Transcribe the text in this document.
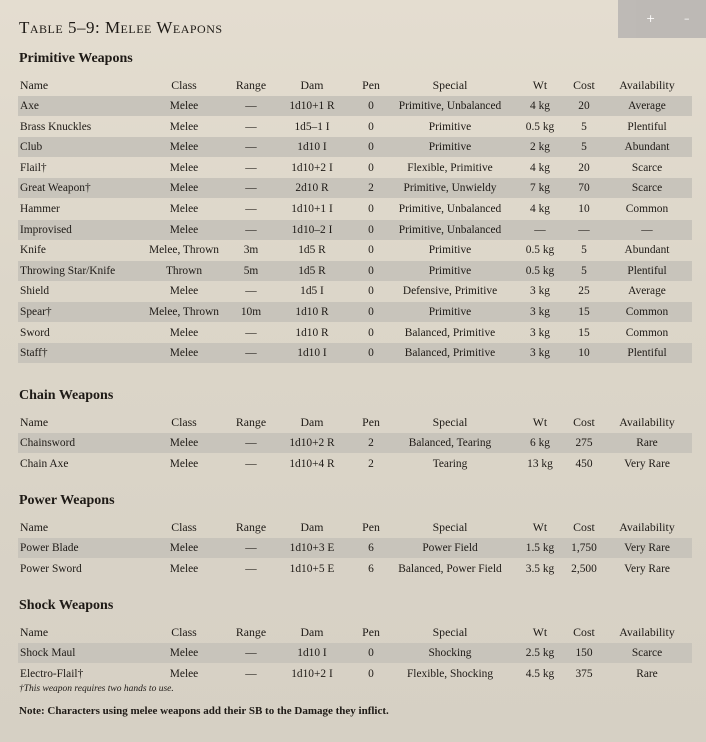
+	–
Table 5–9: Melee Weapons
Primitive Weapons
Name	Class	Range	Dam	Pen	Special	Wt	Cost	Availability
Axe	Melee	—	1d10+1 R	0	Primitive, Unbalanced	4 kg	20	Average
Brass Knuckles	Melee	—	1d5–1 I	0	Primitive	0.5 kg	5	Plentiful
Club	Melee	—	1d10 I	0	Primitive	2 kg	5	Abundant
Flail†	Melee	—	1d10+2 I	0	Flexible, Primitive	4 kg	20	Scarce
Great Weapon†	Melee	—	2d10 R	2	Primitive, Unwieldy	7 kg	70	Scarce
Hammer	Melee	—	1d10+1 I	0	Primitive, Unbalanced	4 kg	10	Common
Improvised	Melee	—	1d10–2 I	0	Primitive, Unbalanced	—	—	—
Knife	Melee, Thrown	3m	1d5 R	0	Primitive	0.5 kg	5	Abundant
Throwing Star/Knife	Thrown	5m	1d5 R	0	Primitive	0.5 kg	5	Plentiful
Shield	Melee	—	1d5 I	0	Defensive, Primitive	3 kg	25	Average
Spear†	Melee, Thrown	10m	1d10 R	0	Primitive	3 kg	15	Common
Sword	Melee	—	1d10 R	0	Balanced, Primitive	3 kg	15	Common
Staff†	Melee	—	1d10 I	0	Balanced, Primitive	3 kg	10	Plentiful
Chain Weapons
Name	Class	Range	Dam	Pen	Special	Wt	Cost	Availability
Chainsword	Melee	—	1d10+2 R	2	Balanced, Tearing	6 kg	275	Rare
Chain Axe	Melee	—	1d10+4 R	2	Tearing	13 kg	450	Very Rare
Power Weapons
Name	Class	Range	Dam	Pen	Special	Wt	Cost	Availability
Power Blade	Melee	—	1d10+3 E	6	Power Field	1.5 kg	1,750	Very Rare
Power Sword	Melee	—	1d10+5 E	6	Balanced, Power Field	3.5 kg	2,500	Very Rare
Shock Weapons
Name	Class	Range	Dam	Pen	Special	Wt	Cost	Availability
Shock Maul	Melee	—	1d10 I	0	Shocking	2.5 kg	150	Scarce
Electro-Flail†	Melee	—	1d10+2 I	0	Flexible, Shocking	4.5 kg	375	Rare
†This weapon requires two hands to use.
Note: Characters using melee weapons add their SB to the Damage they inflict.
